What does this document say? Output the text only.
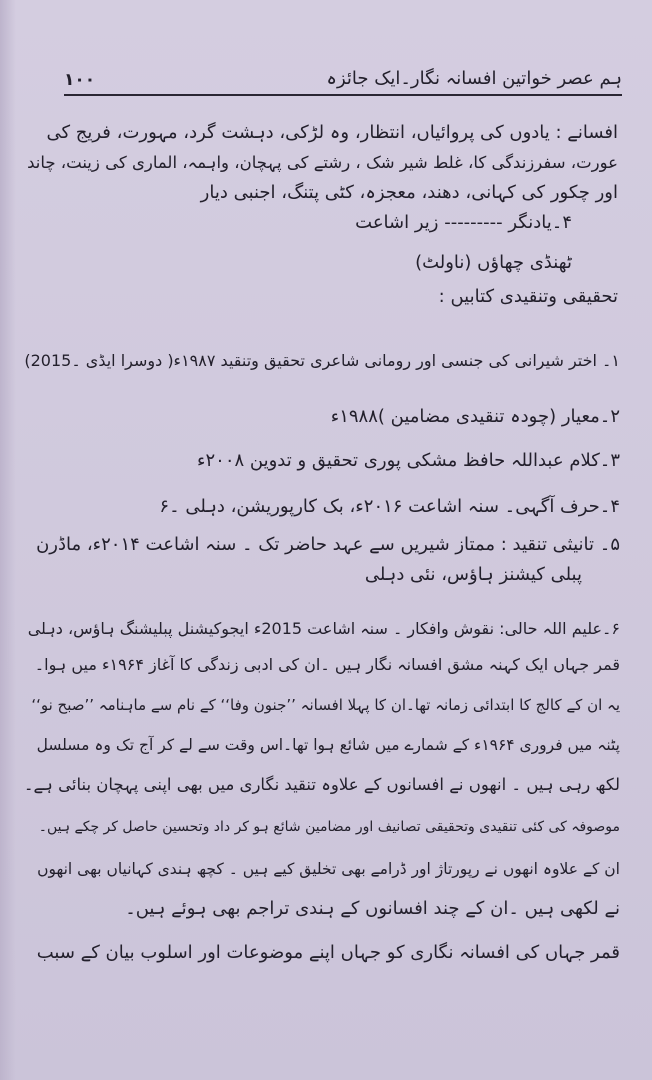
ہم عصر خواتین افسانہ نگار۔ایک جائزہ
۱۰۰
افسانے : یادوں کی پروائیاں، انتظار، وہ لڑکی، دہشت گرد، مہورت، فریج کی
عورت، سفرزندگی کا، غلط شیر شک ، رشتے کی پہچان، واہمہ، الماری کی زینت، چاند
اور چکور کی کہانی، دھند، معجزہ، کٹی پتنگ، اجنبی دیار
۴۔یادنگر --------- زیر اشاعت
ٹھنڈی چھاؤں (ناولٹ)
تحقیقی وتنقیدی کتابیں :
۱۔ اختر شیرانی کی جنسی اور رومانی شاعری تحقیق وتنقید ۱۹۸۷ء( دوسرا ایڈی ۔2015)
۲۔معیار (چودہ تنقیدی مضامین )۱۹۸۸ء
۳۔کلام عبداللہ حافظ مشکی پوری تحقیق و تدوین ۲۰۰۸ء
۴۔حرف آگہی۔ سنہ اشاعت ۲۰۱۶ء، بک کارپوریشن، دہلی ۔۶
۵۔ تانیثی تنقید : ممتاز شیریں سے عہد حاضر تک ۔ سنہ اشاعت ۲۰۱۴ء، ماڈرن
پبلی کیشنز ہاؤس، نئی دہلی
۶۔علیم اللہ حالی: نقوش وافکار ۔ سنہ اشاعت 2015ء ایجوکیشنل پبلیشنگ ہاؤس، دہلی
قمر جہاں ایک کہنہ مشق افسانہ نگار ہیں ۔ان کی ادبی زندگی کا آغاز ۱۹۶۴ء میں ہوا۔
یہ ان کے کالج کا ابتدائی زمانہ تھا۔ان کا پہلا افسانہ ’’جنون وفا‘‘ کے نام سے ماہنامہ ’’صبح نو‘‘
پٹنہ میں فروری ۱۹۶۴ء کے شمارے میں شائع ہوا تھا۔اس وقت سے لے کر آج تک وہ مسلسل
لکھ رہی ہیں ۔ انھوں نے افسانوں کے علاوہ تنقید نگاری میں بھی اپنی پہچان بنائی ہے۔
موصوفہ کی کئی تنقیدی وتحقیقی تصانیف اور مضامین شائع ہو کر داد وتحسین حاصل کر چکے ہیں۔
ان کے علاوہ انھوں نے رپورتاژ اور ڈرامے بھی تخلیق کیے ہیں ۔ کچھ ہندی کہانیاں بھی انھوں
نے لکھی ہیں ۔ان کے چند افسانوں کے ہندی تراجم بھی ہوئے ہیں۔
قمر جہاں کی افسانہ نگاری کو جہاں اپنے موضوعات اور اسلوب بیان کے سبب
